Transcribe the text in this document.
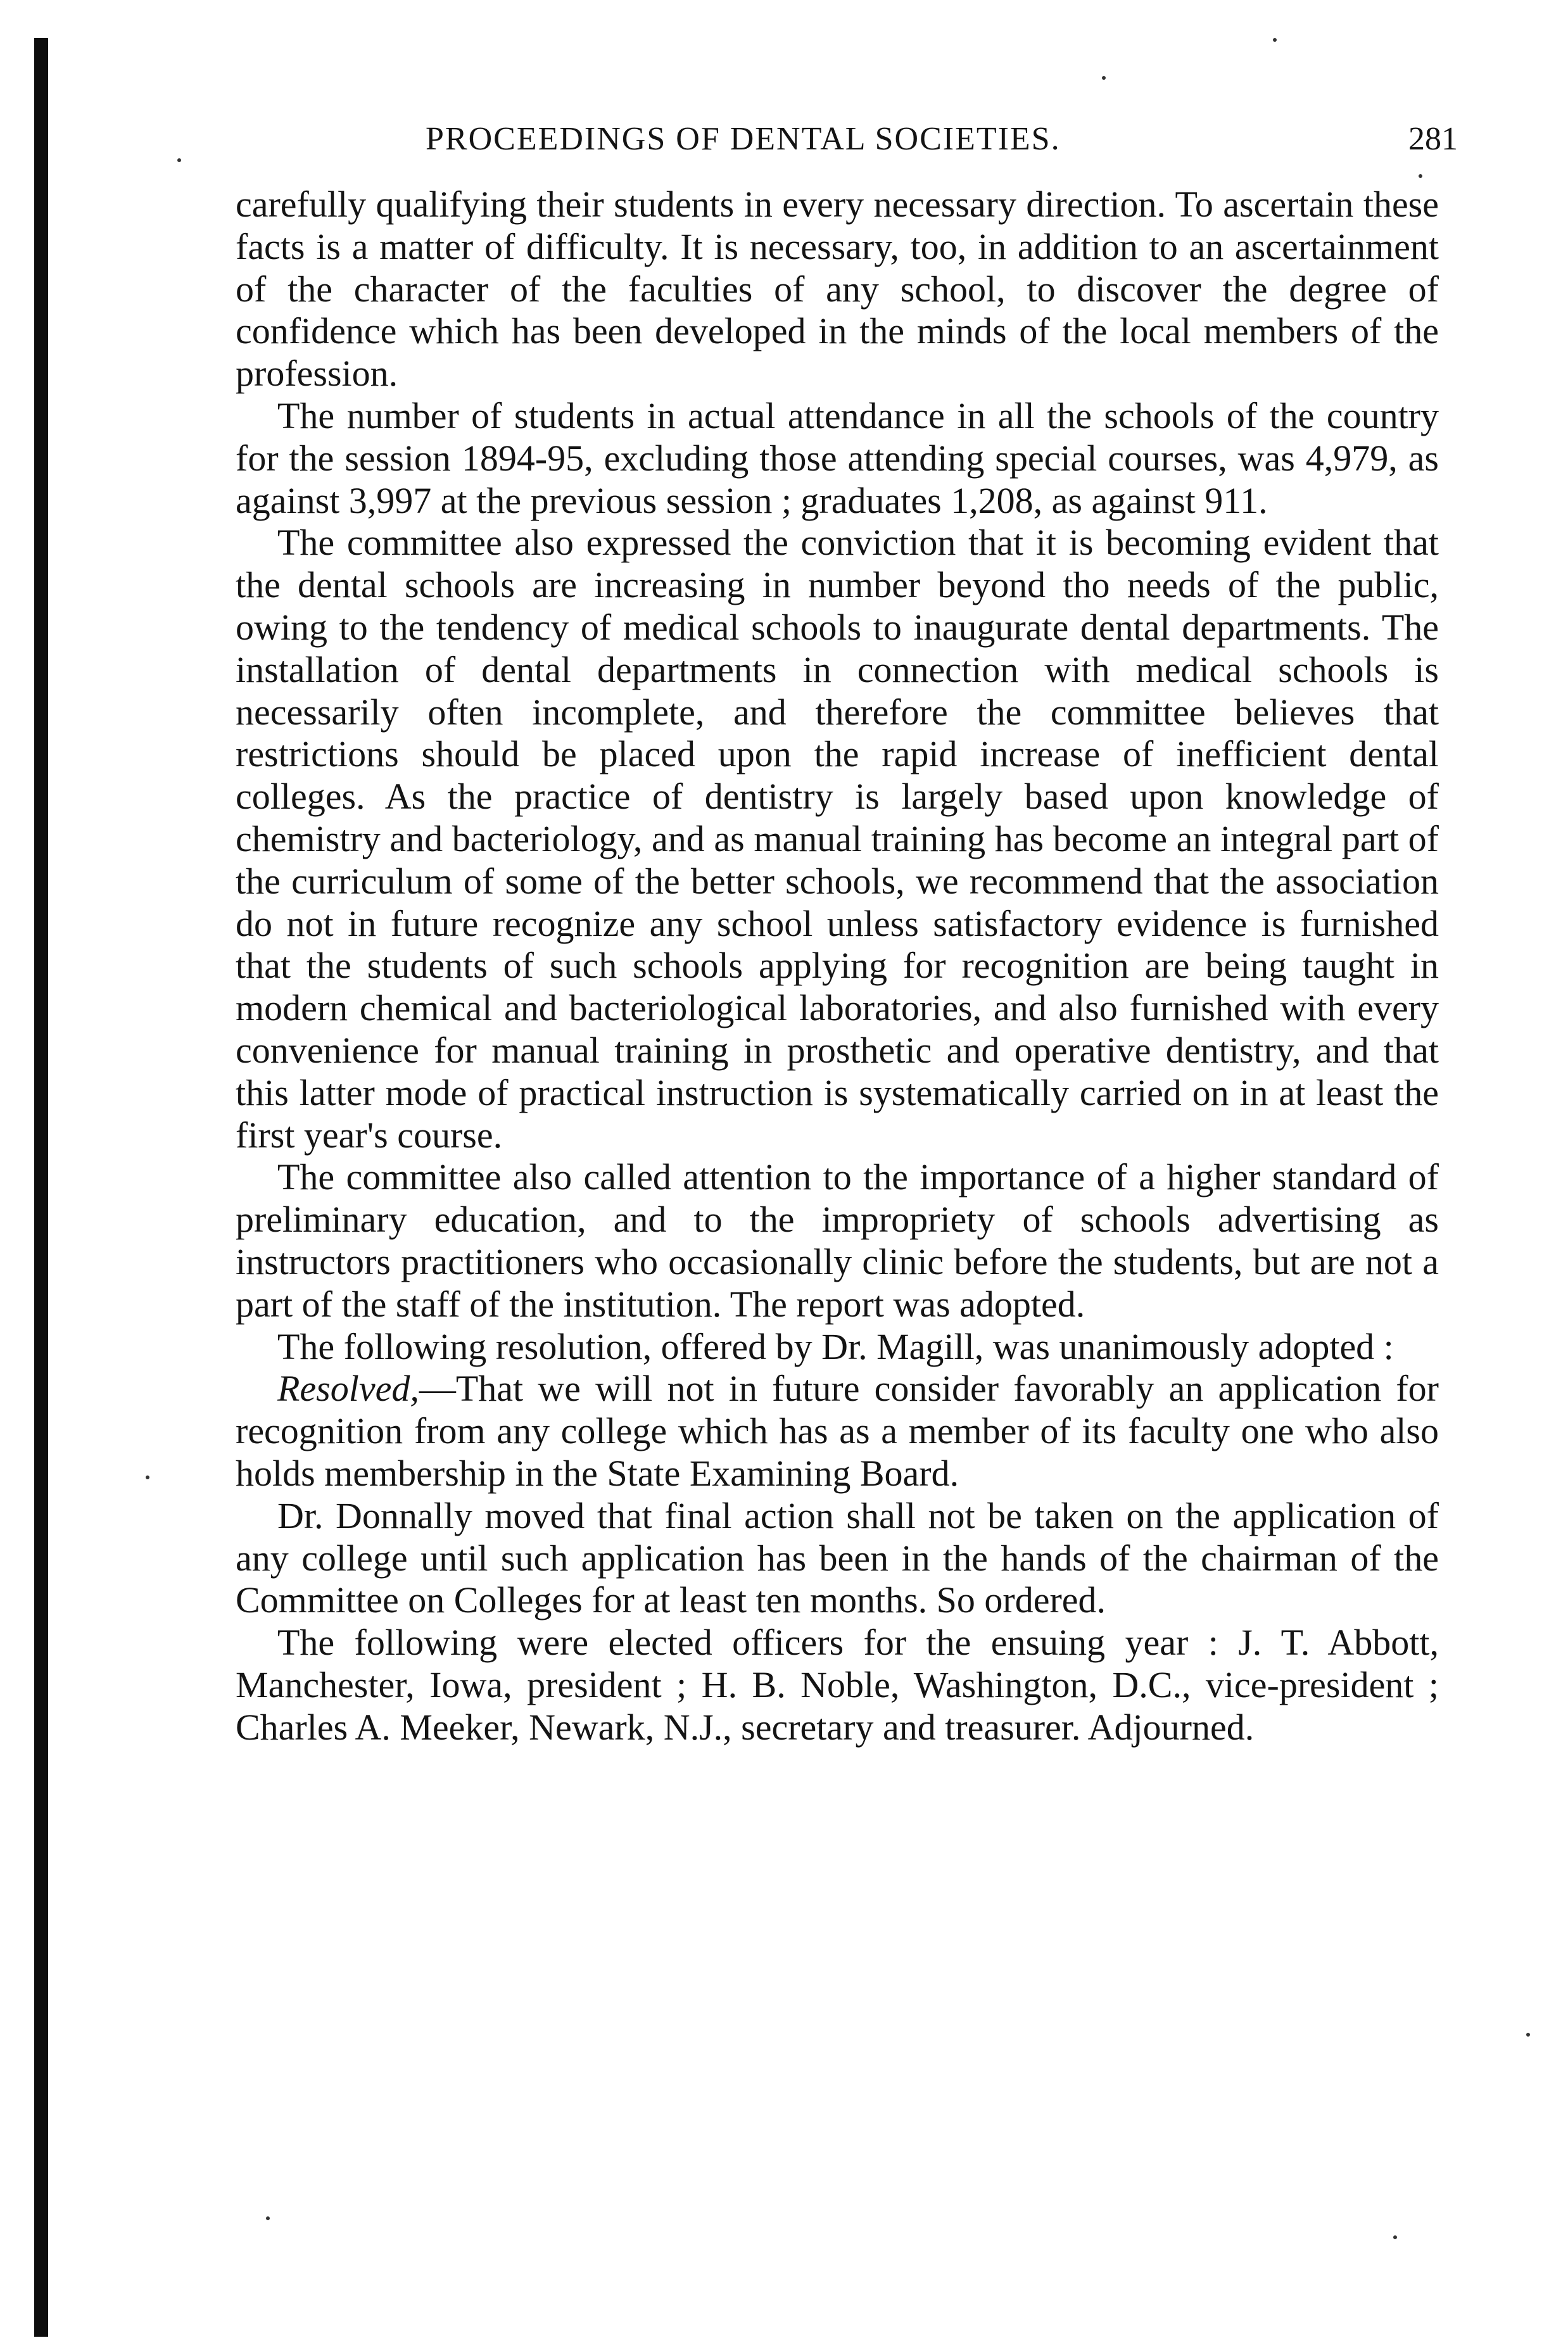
PROCEEDINGS OF DENTAL SOCIETIES.	281

carefully qualifying their students in every necessary direction. To ascertain these facts is a matter of difficulty. It is necessary, too, in addition to an ascertainment of the character of the faculties of any school, to discover the degree of confidence which has been developed in the minds of the local members of the profession.

The number of students in actual attendance in all the schools of the country for the session 1894-95, excluding those attending special courses, was 4,979, as against 3,997 at the previous session ; graduates 1,208, as against 911.

The committee also expressed the conviction that it is becoming evident that the dental schools are increasing in number beyond tho needs of the public, owing to the tendency of medical schools to inaugurate dental departments. The installation of dental departments in connection with medical schools is necessarily often incomplete, and therefore the committee believes that restrictions should be placed upon the rapid increase of inefficient dental colleges. As the practice of dentistry is largely based upon knowledge of chemistry and bacteriology, and as manual training has become an integral part of the curriculum of some of the better schools, we recommend that the association do not in future recognize any school unless satisfactory evidence is furnished that the students of such schools applying for recognition are being taught in modern chemical and bacteriological laboratories, and also furnished with every convenience for manual training in prosthetic and operative dentistry, and that this latter mode of practical instruction is systematically carried on in at least the first year's course.

The committee also called attention to the importance of a higher standard of preliminary education, and to the impropriety of schools advertising as instructors practitioners who occasionally clinic before the students, but are not a part of the staff of the institution. The report was adopted.

The following resolution, offered by Dr. Magill, was unanimously adopted :

Resolved,—That we will not in future consider favorably an application for recognition from any college which has as a member of its faculty one who also holds membership in the State Examining Board.

Dr. Donnally moved that final action shall not be taken on the application of any college until such application has been in the hands of the chairman of the Committee on Colleges for at least ten months. So ordered.

The following were elected officers for the ensuing year : J. T. Abbott, Manchester, Iowa, president ; H. B. Noble, Washington, D.C., vice-president ; Charles A. Meeker, Newark, N.J., secretary and treasurer. Adjourned.
